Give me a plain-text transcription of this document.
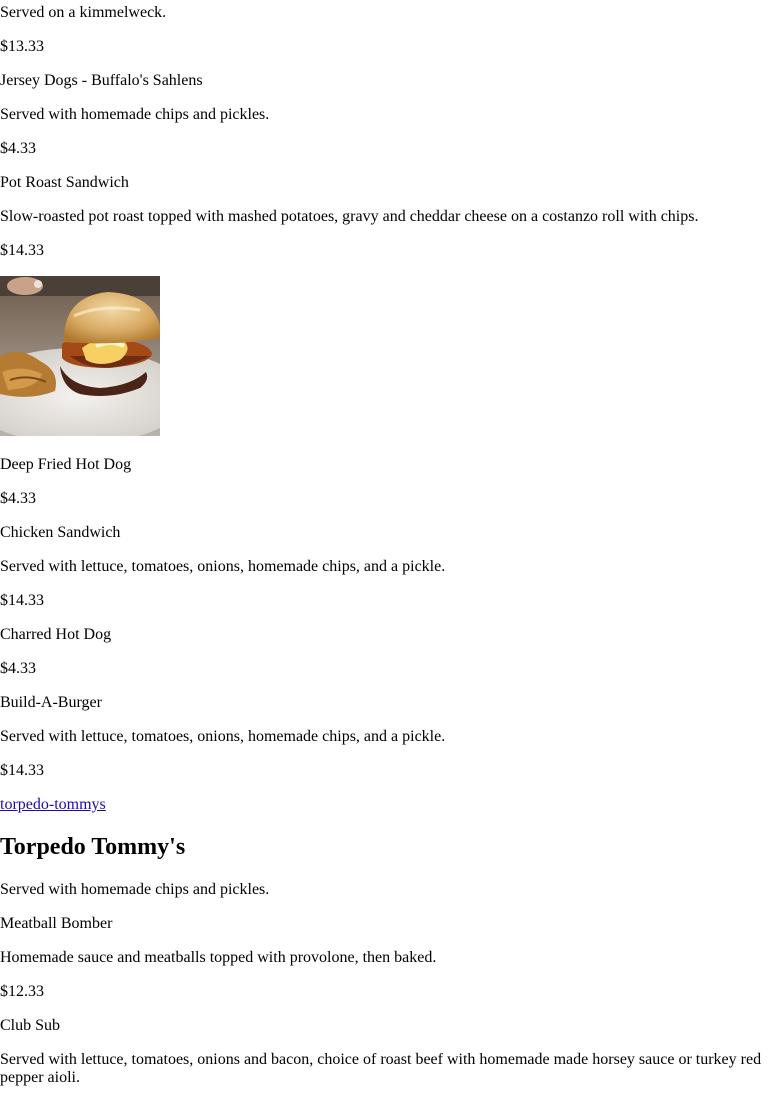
Served on a kimmelweck.

$13.33

Jersey Dogs - Buffalo's Sahlens

Served with homemade chips and pickles.

$4.33

Pot Roast Sandwich

Slow-roasted pot roast topped with mashed potatoes, gravy and cheddar cheese on a costanzo roll with chips.

$14.33

Deep Fried Hot Dog

$4.33

Chicken Sandwich

Served with lettuce, tomatoes, onions, homemade chips, and a pickle.

$14.33

Charred Hot Dog

$4.33

Build-A-Burger

Served with lettuce, tomatoes, onions, homemade chips, and a pickle.

$14.33

torpedo-tommys
Torpedo Tommy's

Served with homemade chips and pickles.

Meatball Bomber

Homemade sauce and meatballs topped with provolone, then baked.

$12.33

Club Sub

Served with lettuce, tomatoes, onions and bacon, choice of roast beef with homemade made horsey sauce or turkey red pepper aioli.
